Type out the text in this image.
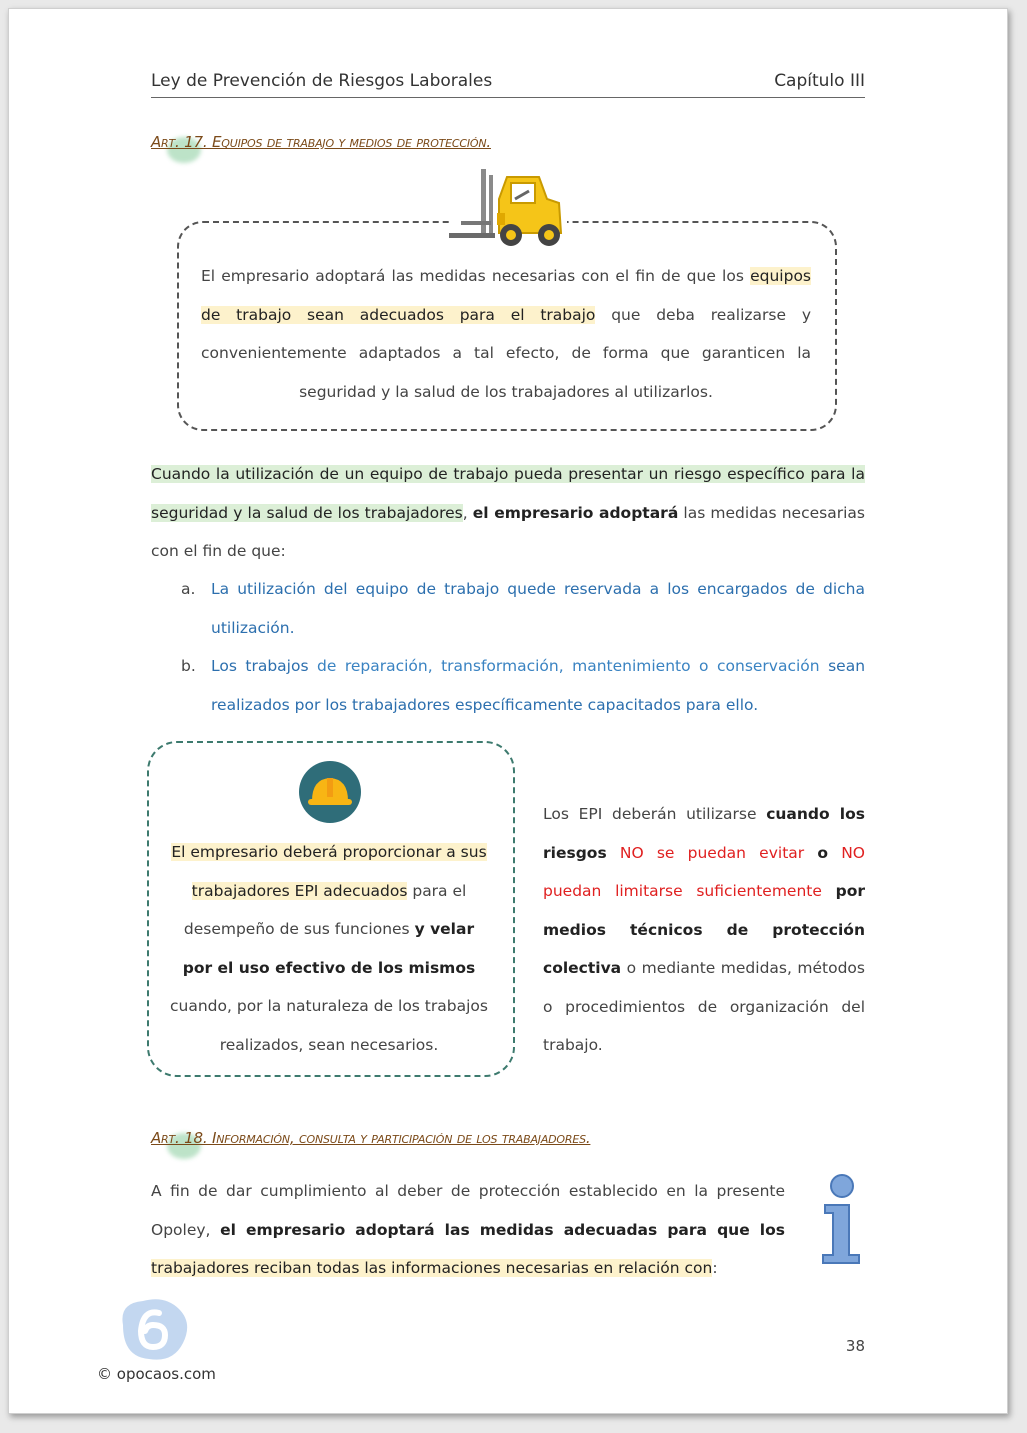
Ley de Prevención de Riesgos Laborales	Capítulo III
Art. 17. Equipos de trabajo y medios de protección.
El empresario adoptará las medidas necesarias con el fin de que los equipos de trabajo sean adecuados para el trabajo que deba realizarse y convenientemente adaptados a tal efecto, de forma que garanticen la seguridad y la salud de los trabajadores al utilizarlos.
Cuando la utilización de un equipo de trabajo pueda presentar un riesgo específico para la seguridad y la salud de los trabajadores, el empresario adoptará las medidas necesarias con el fin de que:
a. La utilización del equipo de trabajo quede reservada a los encargados de dicha utilización.
b. Los trabajos de reparación, transformación, mantenimiento o conservación sean realizados por los trabajadores específicamente capacitados para ello.
El empresario deberá proporcionar a sus trabajadores EPI adecuados para el desempeño de sus funciones y velar por el uso efectivo de los mismos cuando, por la naturaleza de los trabajos realizados, sean necesarios.
Los EPI deberán utilizarse cuando los riesgos NO se puedan evitar o NO puedan limitarse suficientemente por medios técnicos de protección colectiva o mediante medidas, métodos o procedimientos de organización del trabajo.
Art. 18. Información, consulta y participación de los trabajadores.
A fin de dar cumplimiento al deber de protección establecido en la presente Opoley, el empresario adoptará las medidas adecuadas para que los trabajadores reciban todas las informaciones necesarias en relación con:
38
© opocaos.com
